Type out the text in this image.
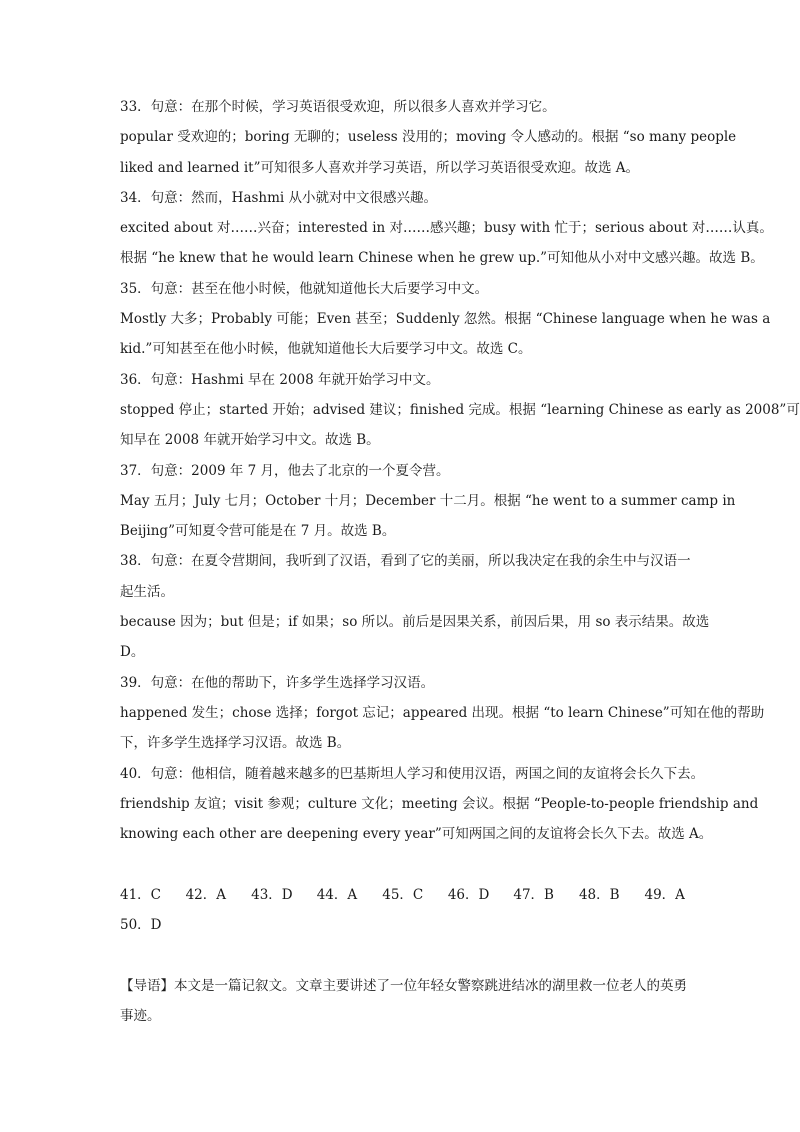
33．句意：在那个时候，学习英语很受欢迎，所以很多人喜欢并学习它。
popular 受欢迎的；boring 无聊的；useless 没用的；moving 令人感动的。根据 “so many people
liked and learned it”可知很多人喜欢并学习英语，所以学习英语很受欢迎。故选 A。
34．句意：然而，Hashmi 从小就对中文很感兴趣。
excited about 对……兴奋；interested in 对……感兴趣；busy with 忙于；serious about 对……认真。
根据 “he knew that he would learn Chinese when he grew up.”可知他从小对中文感兴趣。故选 B。
35．句意：甚至在他小时候，他就知道他长大后要学习中文。
Mostly 大多；Probably 可能；Even 甚至；Suddenly 忽然。根据 “Chinese language when he was a
kid.”可知甚至在他小时候，他就知道他长大后要学习中文。故选 C。
36．句意：Hashmi 早在 2008 年就开始学习中文。
stopped 停止；started 开始；advised 建议；finished 完成。根据 “learning Chinese as early as 2008”可
知早在 2008 年就开始学习中文。故选 B。
37．句意：2009 年 7 月，他去了北京的一个夏令营。
May 五月；July 七月；October 十月；December 十二月。根据 “he went to a summer camp in
Beijing”可知夏令营可能是在 7 月。故选 B。
38．句意：在夏令营期间，我听到了汉语，看到了它的美丽，所以我决定在我的余生中与汉语一
起生活。
because 因为；but 但是；if 如果；so 所以。前后是因果关系，前因后果，用 so 表示结果。故选
D。
39．句意：在他的帮助下，许多学生选择学习汉语。
happened 发生；chose 选择；forgot 忘记；appeared 出现。根据 “to learn Chinese”可知在他的帮助
下，许多学生选择学习汉语。故选 B。
40．句意：他相信，随着越来越多的巴基斯坦人学习和使用汉语，两国之间的友谊将会长久下去。
friendship 友谊；visit 参观；culture 文化；meeting 会议。根据 “People-to-people friendship and
knowing each other are deepening every year”可知两国之间的友谊将会长久下去。故选 A。
41．C	42．A	43．D	44．A	45．C	46．D	47．B	48．B	49．A
50．D
【导语】本文是一篇记叙文。文章主要讲述了一位年轻女警察跳进结冰的湖里救一位老人的英勇
事迹。
